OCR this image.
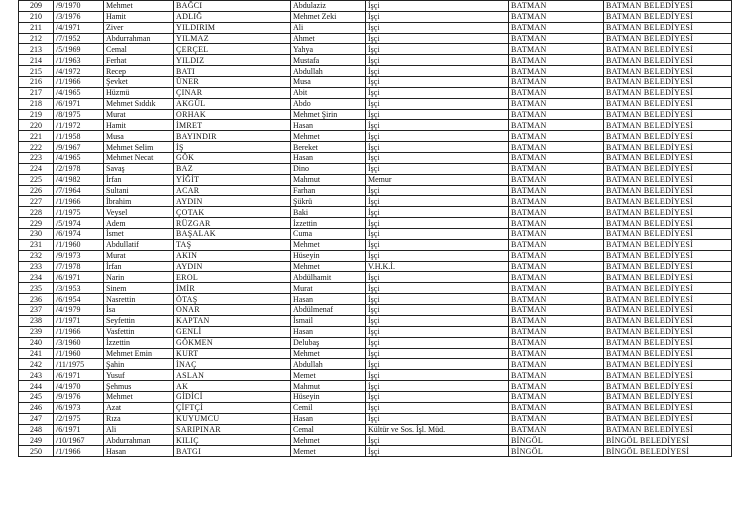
209	/9/1970	Mehmet	BAĞCI	Abdulaziz	İşçi	BATMAN	BATMAN BELEDİYESİ
210	/3/1976	Hamit	ADLIĞ	Mehmet Zeki	İşçi	BATMAN	BATMAN BELEDİYESİ
211	/4/1971	Ziver	YILDIRIM	Ali	İşçi	BATMAN	BATMAN BELEDİYESİ
212	/7/1952	Abdurrahman	YILMAZ	Ahmet	İşçi	BATMAN	BATMAN BELEDİYESİ
213	/5/1969	Cemal	ÇERÇEL	Yahya	İşçi	BATMAN	BATMAN BELEDİYESİ
214	/1/1963	Ferhat	YILDIZ	Mustafa	İşçi	BATMAN	BATMAN BELEDİYESİ
215	/4/1972	Recep	BATI	Abdullah	İşçi	BATMAN	BATMAN BELEDİYESİ
216	/1/1966	Şevket	ÜNER	Musa	İşçi	BATMAN	BATMAN BELEDİYESİ
217	/4/1965	Hüzmü	ÇINAR	Abit	İşçi	BATMAN	BATMAN BELEDİYESİ
218	/6/1971	Mehmet Sıddık	AKGÜL	Abdo	İşçi	BATMAN	BATMAN BELEDİYESİ
219	/8/1975	Murat	ORHAK	Mehmet Şirin	İşçi	BATMAN	BATMAN BELEDİYESİ
220	/1/1972	Hamit	İMRET	Hasan	İşçi	BATMAN	BATMAN BELEDİYESİ
221	/1/1958	Musa	BAYINDIR	Mehmet	İşçi	BATMAN	BATMAN BELEDİYESİ
222	/9/1967	Mehmet Selim	İŞ	Bereket	İşçi	BATMAN	BATMAN BELEDİYESİ
223	/4/1965	Mehmet Necat	GÖK	Hasan	İşçi	BATMAN	BATMAN BELEDİYESİ
224	/2/1978	Savaş	BAZ	Dino	İşçi	BATMAN	BATMAN BELEDİYESİ
225	/4/1982	İrfan	YİĞİT	Mahmut	Memur	BATMAN	BATMAN BELEDİYESİ
226	/7/1964	Sultani	ACAR	Farhan	İşçi	BATMAN	BATMAN BELEDİYESİ
227	/1/1966	İbrahim	AYDIN	Şükrü	İşçi	BATMAN	BATMAN BELEDİYESİ
228	/1/1975	Veysel	ÇOTAK	Baki	İşçi	BATMAN	BATMAN BELEDİYESİ
229	/5/1974	Adem	RÜZGAR	İzzettin	İşçi	BATMAN	BATMAN BELEDİYESİ
230	/6/1974	İsmet	BAŞALAK	Cuma	İşçi	BATMAN	BATMAN BELEDİYESİ
231	/1/1960	Abdullatif	TAŞ	Mehmet	İşçi	BATMAN	BATMAN BELEDİYESİ
232	/9/1973	Murat	AKIN	Hüseyin	İşçi	BATMAN	BATMAN BELEDİYESİ
233	/7/1978	İrfan	AYDIN	Mehmet	V.H.K.İ.	BATMAN	BATMAN BELEDİYESİ
234	/6/1971	Narin	EROL	Abdülhamit	İşçi	BATMAN	BATMAN BELEDİYESİ
235	/3/1953	Sinem	İMİR	Murat	İşçi	BATMAN	BATMAN BELEDİYESİ
236	/6/1954	Nasrettin	ÖTAŞ	Hasan	İşçi	BATMAN	BATMAN BELEDİYESİ
237	/4/1979	İsa	ONAR	Abdülmenaf	İşçi	BATMAN	BATMAN BELEDİYESİ
238	/1/1971	Seyfettin	KAPTAN	İsmail	İşçi	BATMAN	BATMAN BELEDİYESİ
239	/1/1966	Vasfettin	GENLİ	Hasan	İşçi	BATMAN	BATMAN BELEDİYESİ
240	/3/1960	İzzettin	GÖKMEN	Delubaş	İşçi	BATMAN	BATMAN BELEDİYESİ
241	/1/1960	Mehmet Emin	KURT	Mehmet	İşçi	BATMAN	BATMAN BELEDİYESİ
242	/11/1975	Şahin	İNAÇ	Abdullah	İşçi	BATMAN	BATMAN BELEDİYESİ
243	/6/1971	Yusuf	ASLAN	Memet	İşçi	BATMAN	BATMAN BELEDİYESİ
244	/4/1970	Şehmus	AK	Mahmut	İşçi	BATMAN	BATMAN BELEDİYESİ
245	/9/1976	Mehmet	GİDİCİ	Hüseyin	İşçi	BATMAN	BATMAN BELEDİYESİ
246	/6/1973	Azat	ÇİFTÇİ	Cemil	İşçi	BATMAN	BATMAN BELEDİYESİ
247	/2/1975	Rıza	KUYUMCU	Hasan	İşçi	BATMAN	BATMAN BELEDİYESİ
248	/6/1971	Ali	SARIPINAR	Cemal	Kültür ve Sos. İşl. Müd.	BATMAN	BATMAN BELEDİYESİ
249	/10/1967	Abdurrahman	KILIÇ	Mehmet	İşçi	BİNGÖL	BİNGÖL BELEDİYESİ
250	/1/1966	Hasan	BATGI	Memet	İşçi	BİNGÖL	BİNGÖL BELEDİYESİ
